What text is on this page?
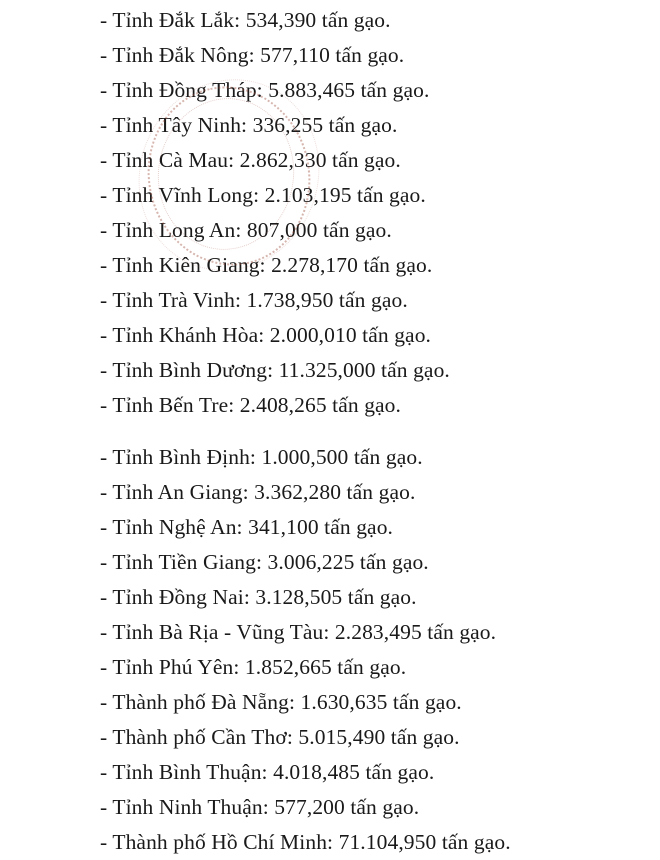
- Tỉnh Đắk Lắk: 534,390 tấn gạo.
- Tỉnh Đắk Nông: 577,110 tấn gạo.
- Tỉnh Đồng Tháp: 5.883,465 tấn gạo.
- Tỉnh Tây Ninh: 336,255 tấn gạo.
- Tỉnh Cà Mau: 2.862,330 tấn gạo.
- Tỉnh Vĩnh Long: 2.103,195 tấn gạo.
- Tỉnh Long An: 807,000 tấn gạo.
- Tỉnh Kiên Giang: 2.278,170 tấn gạo.
- Tỉnh Trà Vinh: 1.738,950 tấn gạo.
- Tỉnh Khánh Hòa: 2.000,010 tấn gạo.
- Tỉnh Bình Dương: 11.325,000 tấn gạo.
- Tỉnh Bến Tre: 2.408,265 tấn gạo.
- Tỉnh Bình Định: 1.000,500 tấn gạo.
- Tỉnh An Giang: 3.362,280 tấn gạo.
- Tỉnh Nghệ An: 341,100 tấn gạo.
- Tỉnh Tiền Giang: 3.006,225 tấn gạo.
- Tỉnh Đồng Nai: 3.128,505 tấn gạo.
- Tỉnh Bà Rịa - Vũng Tàu: 2.283,495 tấn gạo.
- Tỉnh Phú Yên: 1.852,665 tấn gạo.
- Thành phố Đà Nẵng: 1.630,635 tấn gạo.
- Thành phố Cần Thơ: 5.015,490 tấn gạo.
- Tỉnh Bình Thuận: 4.018,485 tấn gạo.
- Tỉnh Ninh Thuận: 577,200 tấn gạo.
- Thành phố Hồ Chí Minh: 71.104,950 tấn gạo.
